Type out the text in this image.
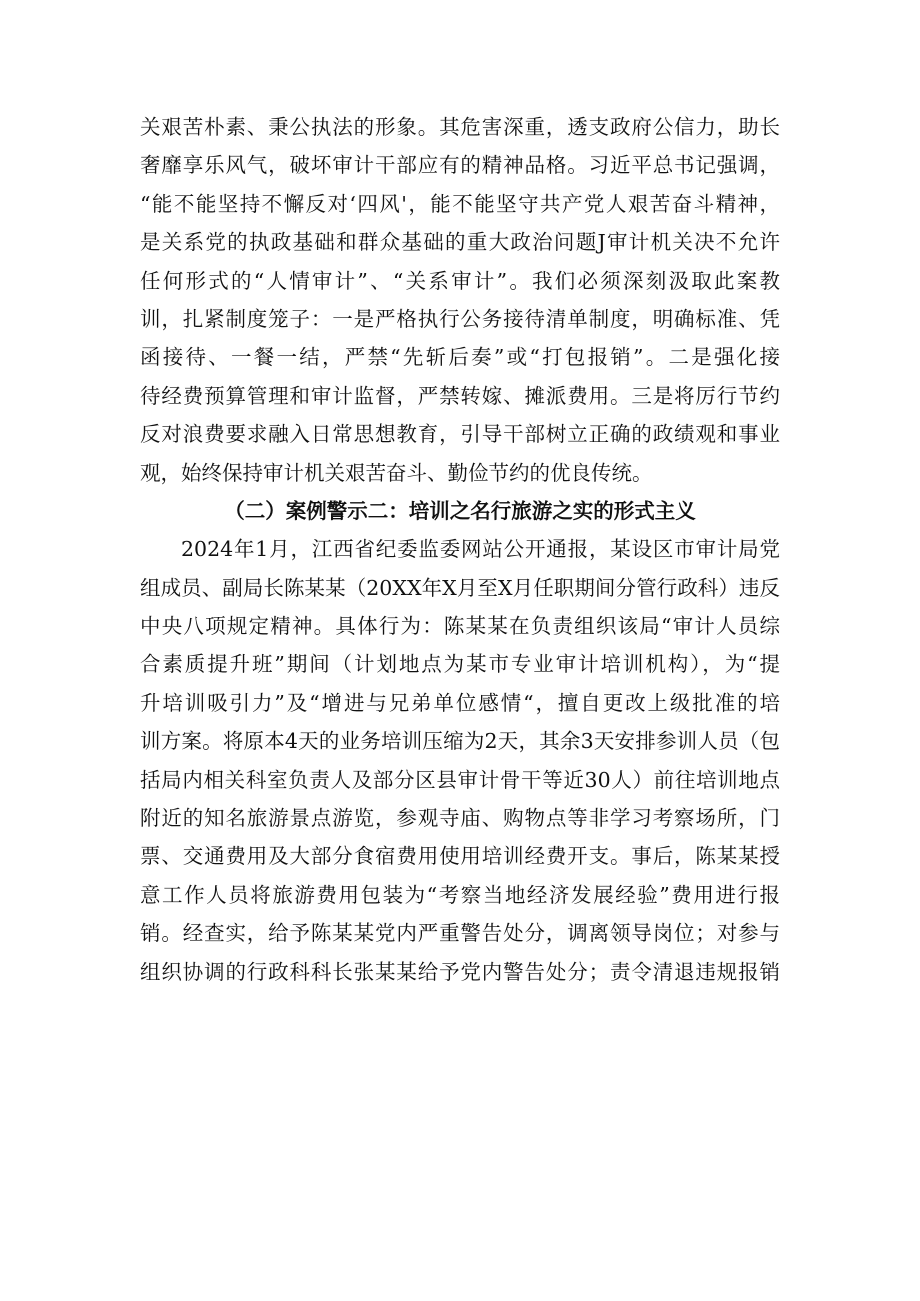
关艰苦朴素、秉公执法的形象。其危害深重，透支政府公信力，助长
奢靡享乐风气，破坏审计干部应有的精神品格。习近平总书记强调，
“能不能坚持不懈反对‘四风'，能不能坚守共产党人艰苦奋斗精神，
是关系党的执政基础和群众基础的重大政治问题J审计机关决不允许
任何形式的“人情审计”、“关系审计”。我们必须深刻汲取此案教
训，扎紧制度笼子：一是严格执行公务接待清单制度，明确标准、凭
函接待、一餐一结，严禁“先斩后奏”或“打包报销”。二是强化接
待经费预算管理和审计监督，严禁转嫁、摊派费用。三是将厉行节约
反对浪费要求融入日常思想教育，引导干部树立正确的政绩观和事业
观，始终保持审计机关艰苦奋斗、勤俭节约的优良传统。
（二）案例警示二：培训之名行旅游之实的形式主义
2024年1月，江西省纪委监委网站公开通报，某设区市审计局党
组成员、副局长陈某某（20XX年X月至X月任职期间分管行政科）违反
中央八项规定精神。具体行为：陈某某在负责组织该局“审计人员综
合素质提升班”期间（计划地点为某市专业审计培训机构），为“提
升培训吸引力”及“增进与兄弟单位感情“，擅自更改上级批准的培
训方案。将原本4天的业务培训压缩为2天，其余3天安排参训人员（包
括局内相关科室负责人及部分区县审计骨干等近30人）前往培训地点
附近的知名旅游景点游览，参观寺庙、购物点等非学习考察场所，门
票、交通费用及大部分食宿费用使用培训经费开支。事后，陈某某授
意工作人员将旅游费用包装为“考察当地经济发展经验”费用进行报
销。经查实，给予陈某某党内严重警告处分，调离领导岗位；对参与
组织协调的行政科科长张某某给予党内警告处分；责令清退违规报销
